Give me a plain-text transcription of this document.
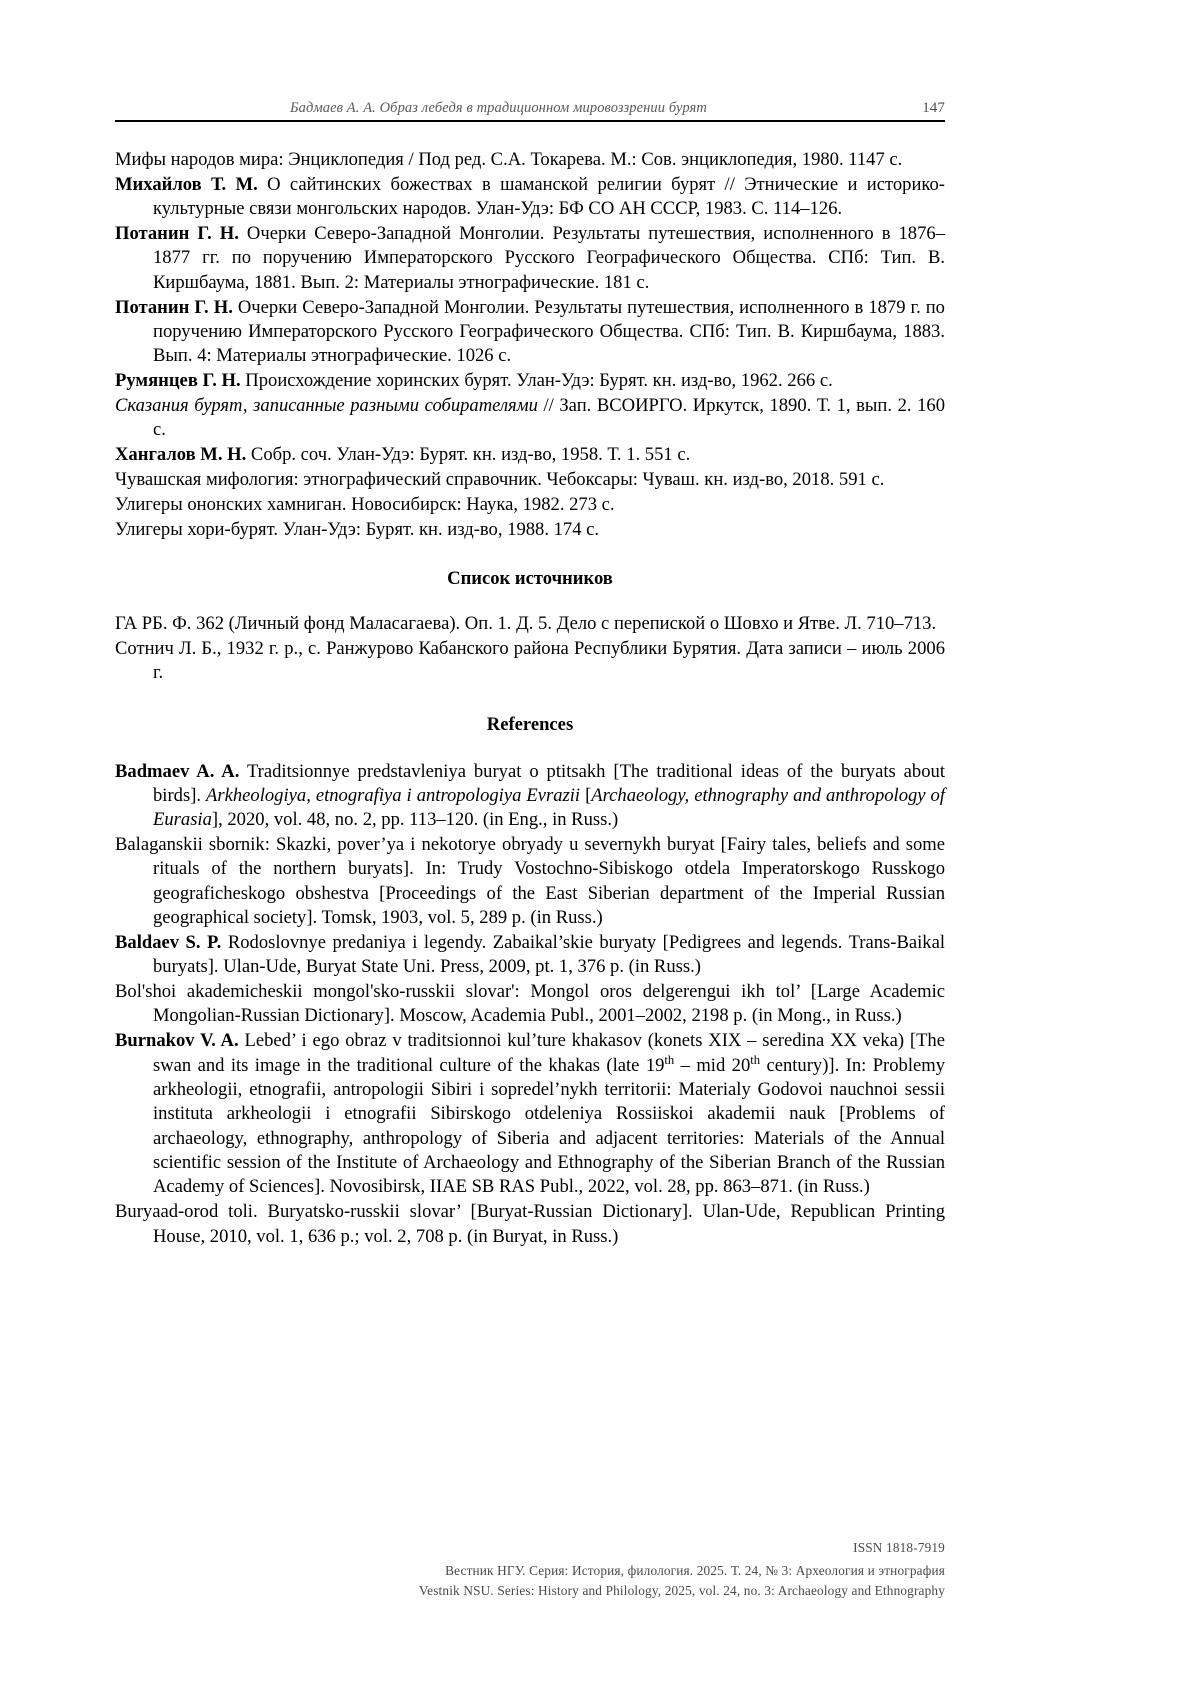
Бадмаев А. А. Образ лебедя в традиционном мировоззрении бурят	147

Мифы народов мира: Энциклопедия / Под ред. С.А. Токарева. М.: Сов. энциклопедия, 1980. 1147 с.

Михайлов Т. М. О сайтинских божествах в шаманской религии бурят // Этнические и историко-культурные связи монгольских народов. Улан-Удэ: БФ СО АН СССР, 1983. С. 114–126.

Потанин Г. Н. Очерки Северо-Западной Монголии. Результаты путешествия, исполненного в 1876–1877 гг. по поручению Императорского Русского Географического Общества. СПб: Тип. В. Киршбаума, 1881. Вып. 2: Материалы этнографические. 181 с.

Потанин Г. Н. Очерки Северо-Западной Монголии. Результаты путешествия, исполненного в 1879 г. по поручению Императорского Русского Географического Общества. СПб: Тип. В. Киршбаума, 1883. Вып. 4: Материалы этнографические. 1026 с.

Румянцев Г. Н. Происхождение хоринских бурят. Улан-Удэ: Бурят. кн. изд-во, 1962. 266 с.

Сказания бурят, записанные разными собирателями // Зап. ВСОИРГО. Иркутск, 1890. Т. 1, вып. 2. 160 с.

Хангалов М. Н. Собр. соч. Улан-Удэ: Бурят. кн. изд-во, 1958. Т. 1. 551 с.

Чувашская мифология: этнографический справочник. Чебоксары: Чуваш. кн. изд-во, 2018. 591 с.

Улигеры ононских хамниган. Новосибирск: Наука, 1982. 273 с.

Улигеры хори-бурят. Улан-Удэ: Бурят. кн. изд-во, 1988. 174 с.

Список источников

ГА РБ. Ф. 362 (Личный фонд Маласагаева). Оп. 1. Д. 5. Дело с перепиской о Шовхо и Ятве. Л. 710–713.

Сотнич Л. Б., 1932 г. р., с. Ранжурово Кабанского района Республики Бурятия. Дата записи – июль 2006 г.

References

Badmaev A. A. Traditsionnye predstavleniya buryat o ptitsakh [The traditional ideas of the buryats about birds]. Arkheologiya, etnografiya i antropologiya Evrazii [Archaeology, ethnography and anthropology of Eurasia], 2020, vol. 48, no. 2, pp. 113–120. (in Eng., in Russ.)

Balaganskii sbornik: Skazki, pover’ya i nekotorye obryady u severnykh buryat [Fairy tales, beliefs and some rituals of the northern buryats]. In: Trudy Vostochno-Sibiskogo otdela Imperatorskogo Russkogo geograficheskogo obshestva [Proceedings of the East Siberian department of the Imperial Russian geographical society]. Tomsk, 1903, vol. 5, 289 p. (in Russ.)

Baldaev S. P. Rodoslovnye predaniya i legendy. Zabaikal’skie buryaty [Pedigrees and legends. Trans-Baikal buryats]. Ulan-Ude, Buryat State Uni. Press, 2009, pt. 1, 376 p. (in Russ.)

Bol'shoi akademicheskii mongol'sko-russkii slovar': Mongol oros delgerengui ikh tol’ [Large Academic Mongolian-Russian Dictionary]. Moscow, Academia Publ., 2001–2002, 2198 p. (in Mong., in Russ.)

Burnakov V. A. Lebed’ i ego obraz v traditsionnoi kul’ture khakasov (konets XIX – seredina XX veka) [The swan and its image in the traditional culture of the khakas (late 19th – mid 20th century)]. In: Problemy arkheologii, etnografii, antropologii Sibiri i sopredel’nykh territorii: Materialy Godovoi nauchnoi sessii instituta arkheologii i etnografii Sibirskogo otdeleniya Rossiiskoi akademii nauk [Problems of archaeology, ethnography, anthropology of Siberia and adjacent territories: Materials of the Annual scientific session of the Institute of Archaeology and Ethnography of the Siberian Branch of the Russian Academy of Sciences]. Novosibirsk, IIAE SB RAS Publ., 2022, vol. 28, pp. 863–871. (in Russ.)

Buryaad-orod toli. Buryatsko-russkii slovar’ [Buryat-Russian Dictionary]. Ulan-Ude, Republican Printing House, 2010, vol. 1, 636 p.; vol. 2, 708 p. (in Buryat, in Russ.)

ISSN 1818-7919
Вестник НГУ. Серия: История, филология. 2025. Т. 24, № 3: Археология и этнография
Vestnik NSU. Series: History and Philology, 2025, vol. 24, no. 3: Archaeology and Ethnography
